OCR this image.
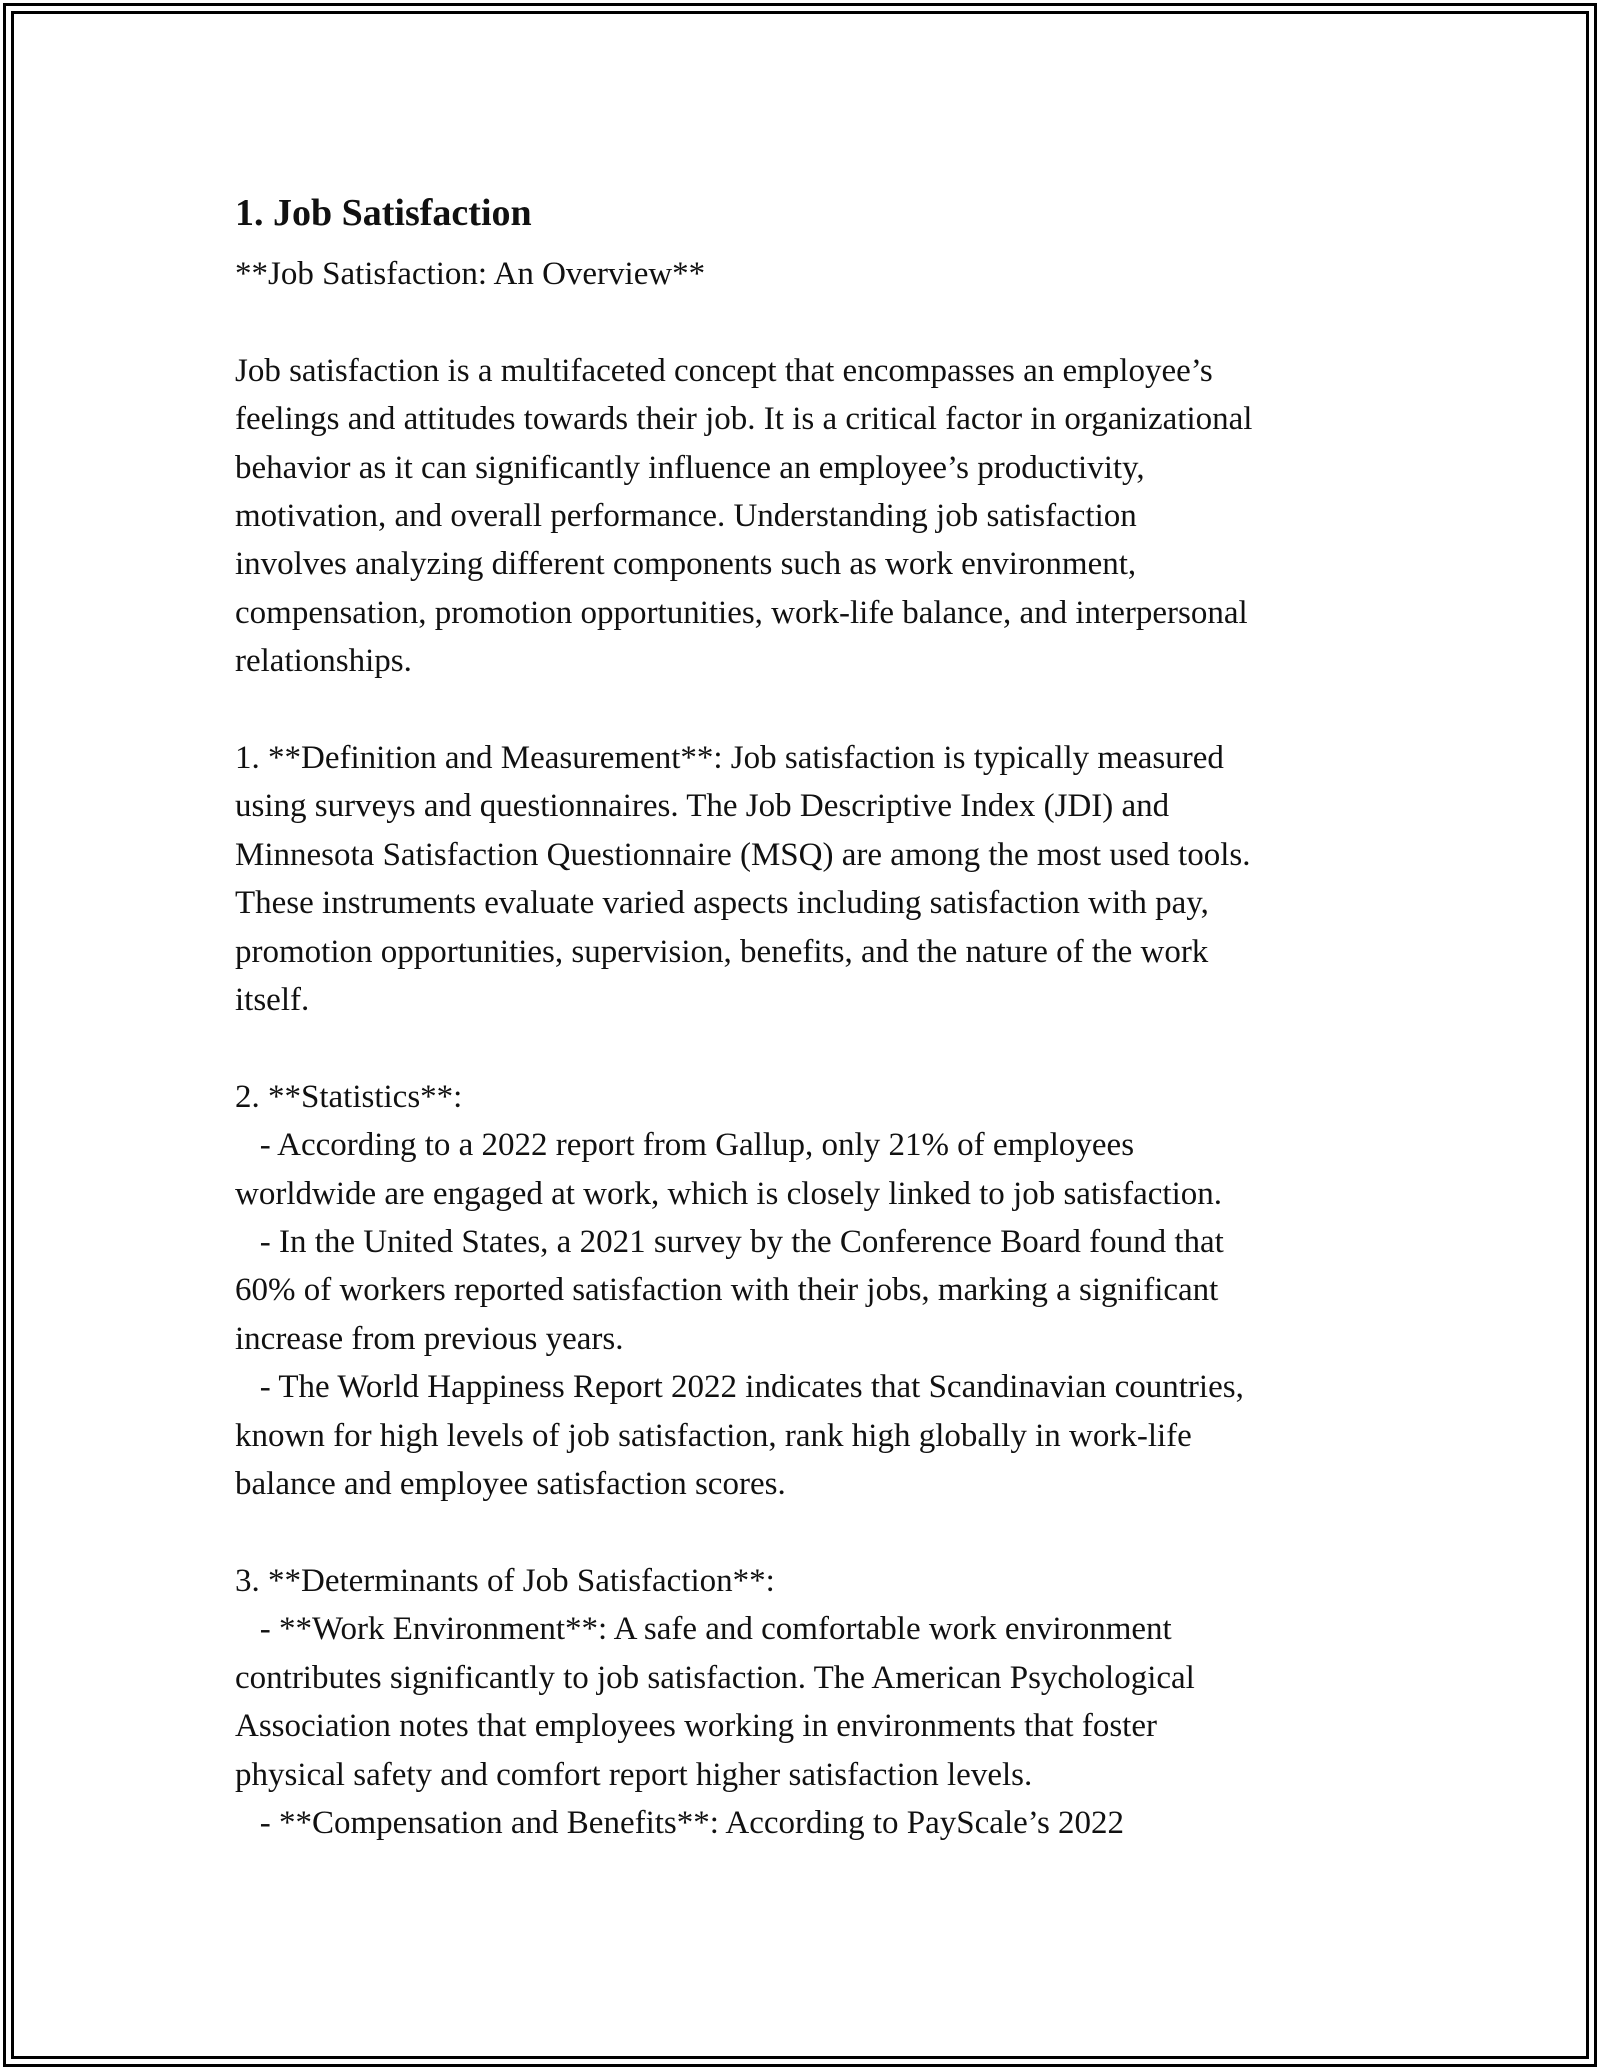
1. Job Satisfaction
**Job Satisfaction: An Overview**
Job satisfaction is a multifaceted concept that encompasses an employee’s
feelings and attitudes towards their job. It is a critical factor in organizational
behavior as it can significantly influence an employee’s productivity,
motivation, and overall performance. Understanding job satisfaction
involves analyzing different components such as work environment,
compensation, promotion opportunities, work-life balance, and interpersonal
relationships.
1. **Definition and Measurement**: Job satisfaction is typically measured
using surveys and questionnaires. The Job Descriptive Index (JDI) and
Minnesota Satisfaction Questionnaire (MSQ) are among the most used tools.
These instruments evaluate varied aspects including satisfaction with pay,
promotion opportunities, supervision, benefits, and the nature of the work
itself.
2. **Statistics**:
- According to a 2022 report from Gallup, only 21% of employees
worldwide are engaged at work, which is closely linked to job satisfaction.
- In the United States, a 2021 survey by the Conference Board found that
60% of workers reported satisfaction with their jobs, marking a significant
increase from previous years.
- The World Happiness Report 2022 indicates that Scandinavian countries,
known for high levels of job satisfaction, rank high globally in work-life
balance and employee satisfaction scores.
3. **Determinants of Job Satisfaction**:
- **Work Environment**: A safe and comfortable work environment
contributes significantly to job satisfaction. The American Psychological
Association notes that employees working in environments that foster
physical safety and comfort report higher satisfaction levels.
- **Compensation and Benefits**: According to PayScale’s 2022
